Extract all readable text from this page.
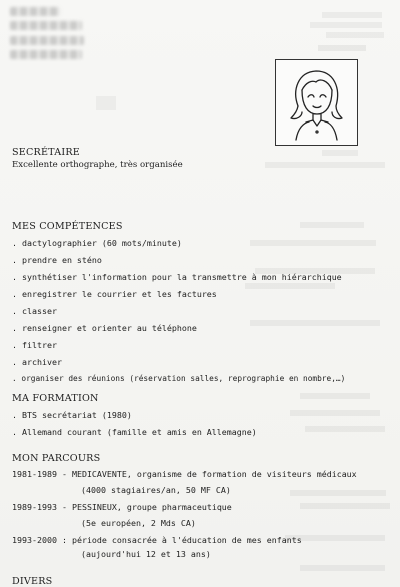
SECRÉTAIRE
Excellente orthographe, très organisée
MES COMPÉTENCES
. dactylographier (60 mots/minute)
. prendre en sténo
. synthétiser l'information pour la transmettre à mon hiérarchique
. enregistrer le courrier et les factures
. classer
. renseigner et orienter au téléphone
. filtrer
. archiver
. organiser des réunions (réservation salles, reprographie en nombre,…)
MA FORMATION
. BTS secrétariat (1980)
. Allemand courant (famille et amis en Allemagne)
MON PARCOURS
1981-1989 - MEDICAVENTE, organisme de formation de visiteurs médicaux
(4000 stagiaires/an, 50 MF CA)
1989-1993 - PESSINEUX, groupe pharmaceutique
(5e européen, 2 Mds CA)
1993-2000 : période consacrée à l'éducation de mes enfants
(aujourd'hui 12 et 13 ans)
DIVERS
